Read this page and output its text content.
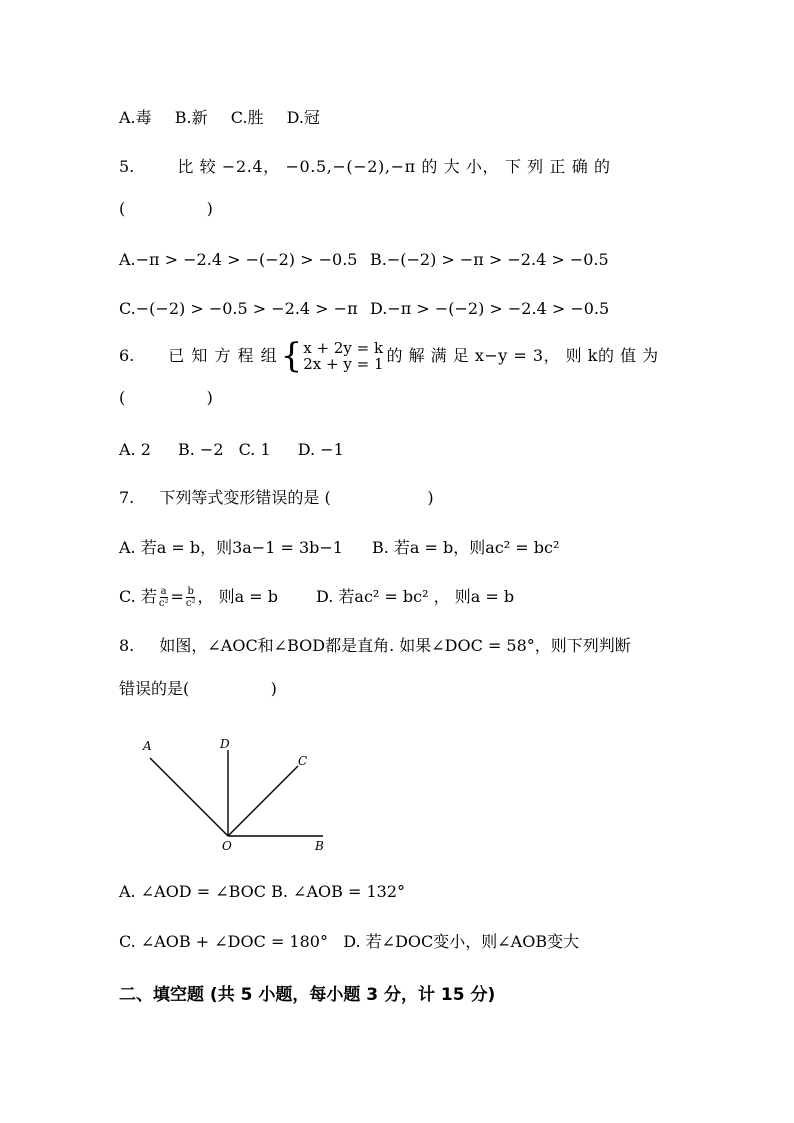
A.毒 B.新 C.胜 D.冠
5.	比 较 −2.4， −0.5,−(−2),−π 的 大 小， 下 列 正 确 的
(                )
A.−π > −2.4 > −(−2) > −0.5 B.−(−2) > −π > −2.4 > −0.5
C.−(−2) > −0.5 > −2.4 > −π D.−π > −(−2) > −2.4 > −0.5
6. 已 知 方 程 组 { x + 2y = k
2x + y = 1 的 解 满 足 x−y = 3， 则 k的 值 为
(                )
A. 2 B. −2 C. 1 D. −1
7. 下列等式变形错误的是 (                   )
A. 若a = b，则3a−1 = 3b−1 B. 若a = b，则ac² = bc²
C. 若 $\frac{a}{\text{c²}} = \frac{b}{\text{c²}}$ ， 则a = b D. 若ac² = bc² ， 则a = b
8. 如图，∠AOC和∠BOD都是直角. 如果∠DOC = 58°，则下列判断
错误的是(                )
A	D
C
O	B
A. ∠AOD = ∠BOC B. ∠AOB = 132°
C. ∠AOB + ∠DOC = 180°   D. 若∠DOC变小，则∠AOB变大
二、填空题 (共 5 小题，每小题 3 分，计 15 分)
